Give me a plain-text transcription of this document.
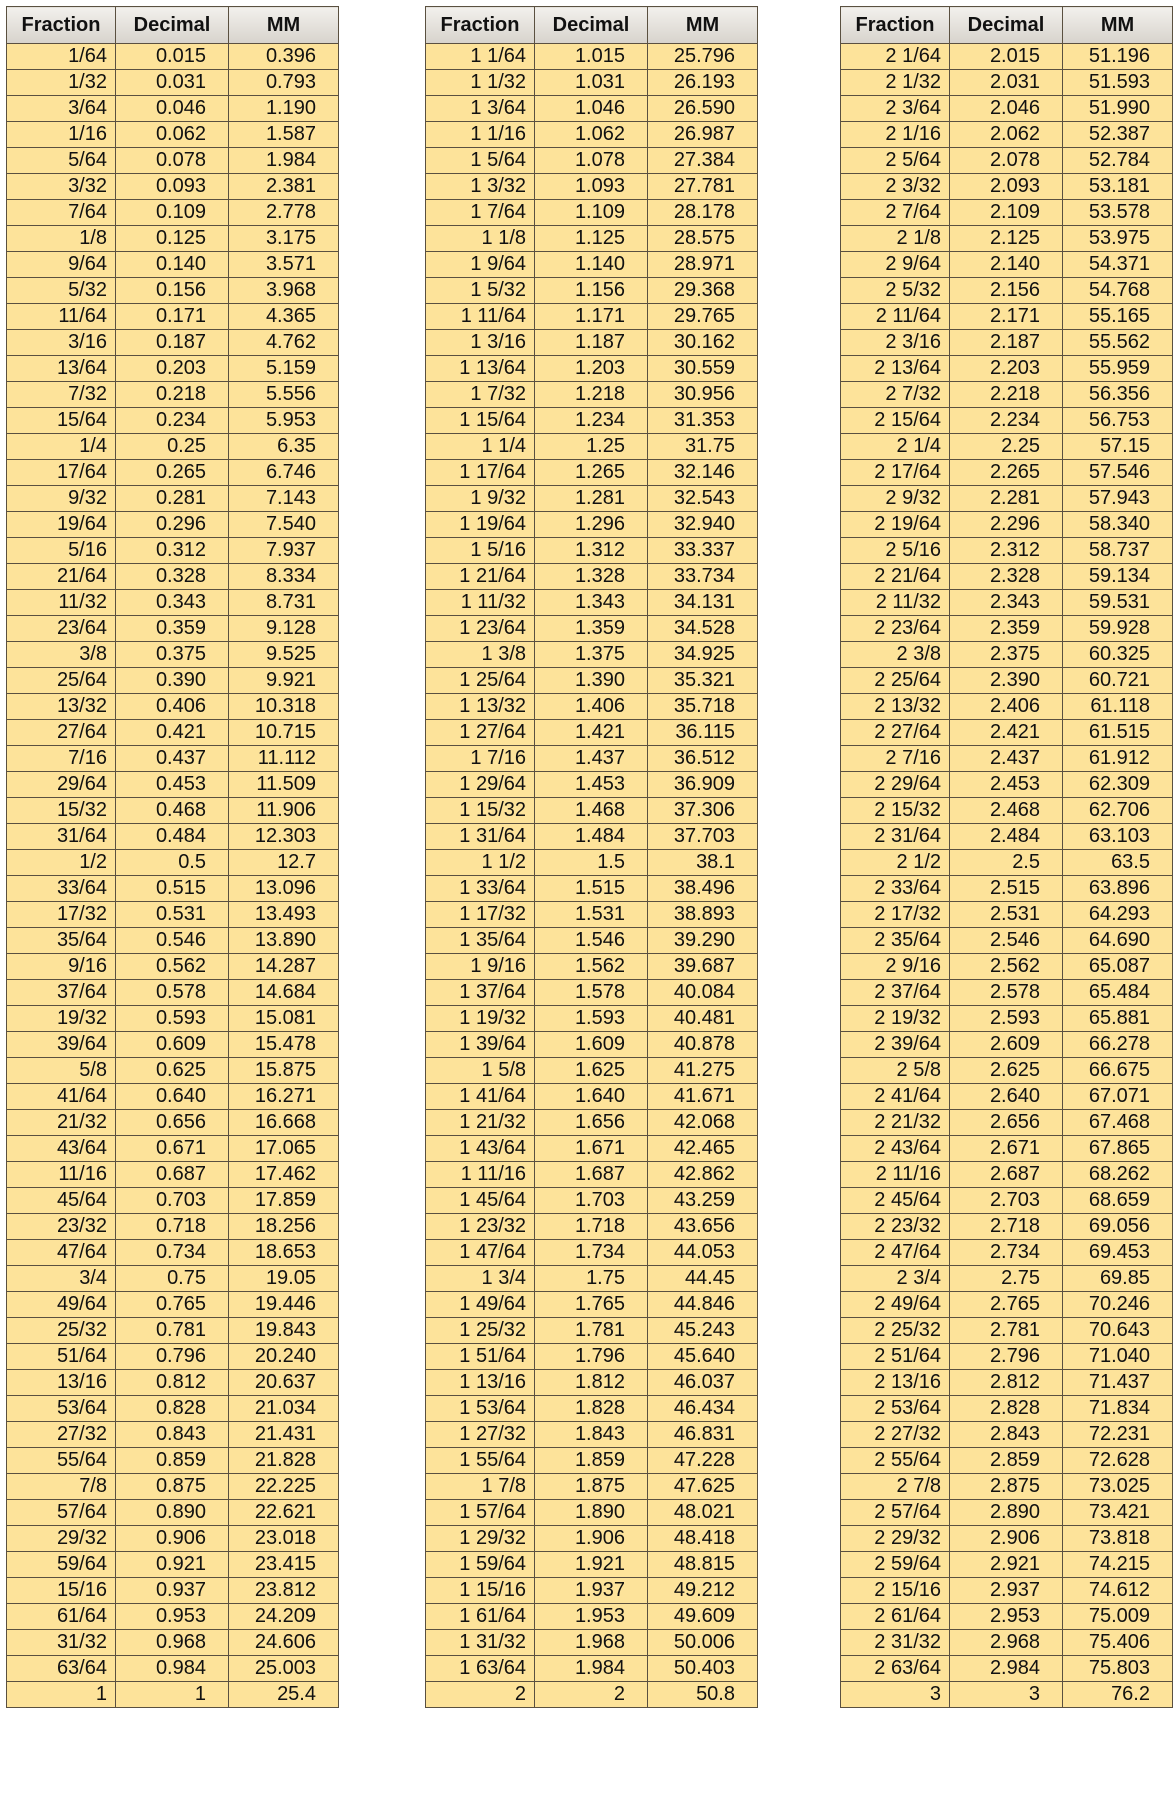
Fraction	Decimal	MM
1/64	0.015	0.396
1/32	0.031	0.793
3/64	0.046	1.190
1/16	0.062	1.587
5/64	0.078	1.984
3/32	0.093	2.381
7/64	0.109	2.778
1/8	0.125	3.175
9/64	0.140	3.571
5/32	0.156	3.968
11/64	0.171	4.365
3/16	0.187	4.762
13/64	0.203	5.159
7/32	0.218	5.556
15/64	0.234	5.953
1/4	0.25	6.35
17/64	0.265	6.746
9/32	0.281	7.143
19/64	0.296	7.540
5/16	0.312	7.937
21/64	0.328	8.334
11/32	0.343	8.731
23/64	0.359	9.128
3/8	0.375	9.525
25/64	0.390	9.921
13/32	0.406	10.318
27/64	0.421	10.715
7/16	0.437	11.112
29/64	0.453	11.509
15/32	0.468	11.906
31/64	0.484	12.303
1/2	0.5	12.7
33/64	0.515	13.096
17/32	0.531	13.493
35/64	0.546	13.890
9/16	0.562	14.287
37/64	0.578	14.684
19/32	0.593	15.081
39/64	0.609	15.478
5/8	0.625	15.875
41/64	0.640	16.271
21/32	0.656	16.668
43/64	0.671	17.065
11/16	0.687	17.462
45/64	0.703	17.859
23/32	0.718	18.256
47/64	0.734	18.653
3/4	0.75	19.05
49/64	0.765	19.446
25/32	0.781	19.843
51/64	0.796	20.240
13/16	0.812	20.637
53/64	0.828	21.034
27/32	0.843	21.431
55/64	0.859	21.828
7/8	0.875	22.225
57/64	0.890	22.621
29/32	0.906	23.018
59/64	0.921	23.415
15/16	0.937	23.812
61/64	0.953	24.209
31/32	0.968	24.606
63/64	0.984	25.003
1	1	25.4
Fraction	Decimal	MM
1 1/64	1.015	25.796
1 1/32	1.031	26.193
1 3/64	1.046	26.590
1 1/16	1.062	26.987
1 5/64	1.078	27.384
1 3/32	1.093	27.781
1 7/64	1.109	28.178
1 1/8	1.125	28.575
1 9/64	1.140	28.971
1 5/32	1.156	29.368
1 11/64	1.171	29.765
1 3/16	1.187	30.162
1 13/64	1.203	30.559
1 7/32	1.218	30.956
1 15/64	1.234	31.353
1 1/4	1.25	31.75
1 17/64	1.265	32.146
1 9/32	1.281	32.543
1 19/64	1.296	32.940
1 5/16	1.312	33.337
1 21/64	1.328	33.734
1 11/32	1.343	34.131
1 23/64	1.359	34.528
1 3/8	1.375	34.925
1 25/64	1.390	35.321
1 13/32	1.406	35.718
1 27/64	1.421	36.115
1 7/16	1.437	36.512
1 29/64	1.453	36.909
1 15/32	1.468	37.306
1 31/64	1.484	37.703
1 1/2	1.5	38.1
1 33/64	1.515	38.496
1 17/32	1.531	38.893
1 35/64	1.546	39.290
1 9/16	1.562	39.687
1 37/64	1.578	40.084
1 19/32	1.593	40.481
1 39/64	1.609	40.878
1 5/8	1.625	41.275
1 41/64	1.640	41.671
1 21/32	1.656	42.068
1 43/64	1.671	42.465
1 11/16	1.687	42.862
1 45/64	1.703	43.259
1 23/32	1.718	43.656
1 47/64	1.734	44.053
1 3/4	1.75	44.45
1 49/64	1.765	44.846
1 25/32	1.781	45.243
1 51/64	1.796	45.640
1 13/16	1.812	46.037
1 53/64	1.828	46.434
1 27/32	1.843	46.831
1 55/64	1.859	47.228
1 7/8	1.875	47.625
1 57/64	1.890	48.021
1 29/32	1.906	48.418
1 59/64	1.921	48.815
1 15/16	1.937	49.212
1 61/64	1.953	49.609
1 31/32	1.968	50.006
1 63/64	1.984	50.403
2	2	50.8
Fraction	Decimal	MM
2 1/64	2.015	51.196
2 1/32	2.031	51.593
2 3/64	2.046	51.990
2 1/16	2.062	52.387
2 5/64	2.078	52.784
2 3/32	2.093	53.181
2 7/64	2.109	53.578
2 1/8	2.125	53.975
2 9/64	2.140	54.371
2 5/32	2.156	54.768
2 11/64	2.171	55.165
2 3/16	2.187	55.562
2 13/64	2.203	55.959
2 7/32	2.218	56.356
2 15/64	2.234	56.753
2 1/4	2.25	57.15
2 17/64	2.265	57.546
2 9/32	2.281	57.943
2 19/64	2.296	58.340
2 5/16	2.312	58.737
2 21/64	2.328	59.134
2 11/32	2.343	59.531
2 23/64	2.359	59.928
2 3/8	2.375	60.325
2 25/64	2.390	60.721
2 13/32	2.406	61.118
2 27/64	2.421	61.515
2 7/16	2.437	61.912
2 29/64	2.453	62.309
2 15/32	2.468	62.706
2 31/64	2.484	63.103
2 1/2	2.5	63.5
2 33/64	2.515	63.896
2 17/32	2.531	64.293
2 35/64	2.546	64.690
2 9/16	2.562	65.087
2 37/64	2.578	65.484
2 19/32	2.593	65.881
2 39/64	2.609	66.278
2 5/8	2.625	66.675
2 41/64	2.640	67.071
2 21/32	2.656	67.468
2 43/64	2.671	67.865
2 11/16	2.687	68.262
2 45/64	2.703	68.659
2 23/32	2.718	69.056
2 47/64	2.734	69.453
2 3/4	2.75	69.85
2 49/64	2.765	70.246
2 25/32	2.781	70.643
2 51/64	2.796	71.040
2 13/16	2.812	71.437
2 53/64	2.828	71.834
2 27/32	2.843	72.231
2 55/64	2.859	72.628
2 7/8	2.875	73.025
2 57/64	2.890	73.421
2 29/32	2.906	73.818
2 59/64	2.921	74.215
2 15/16	2.937	74.612
2 61/64	2.953	75.009
2 31/32	2.968	75.406
2 63/64	2.984	75.803
3	3	76.2
